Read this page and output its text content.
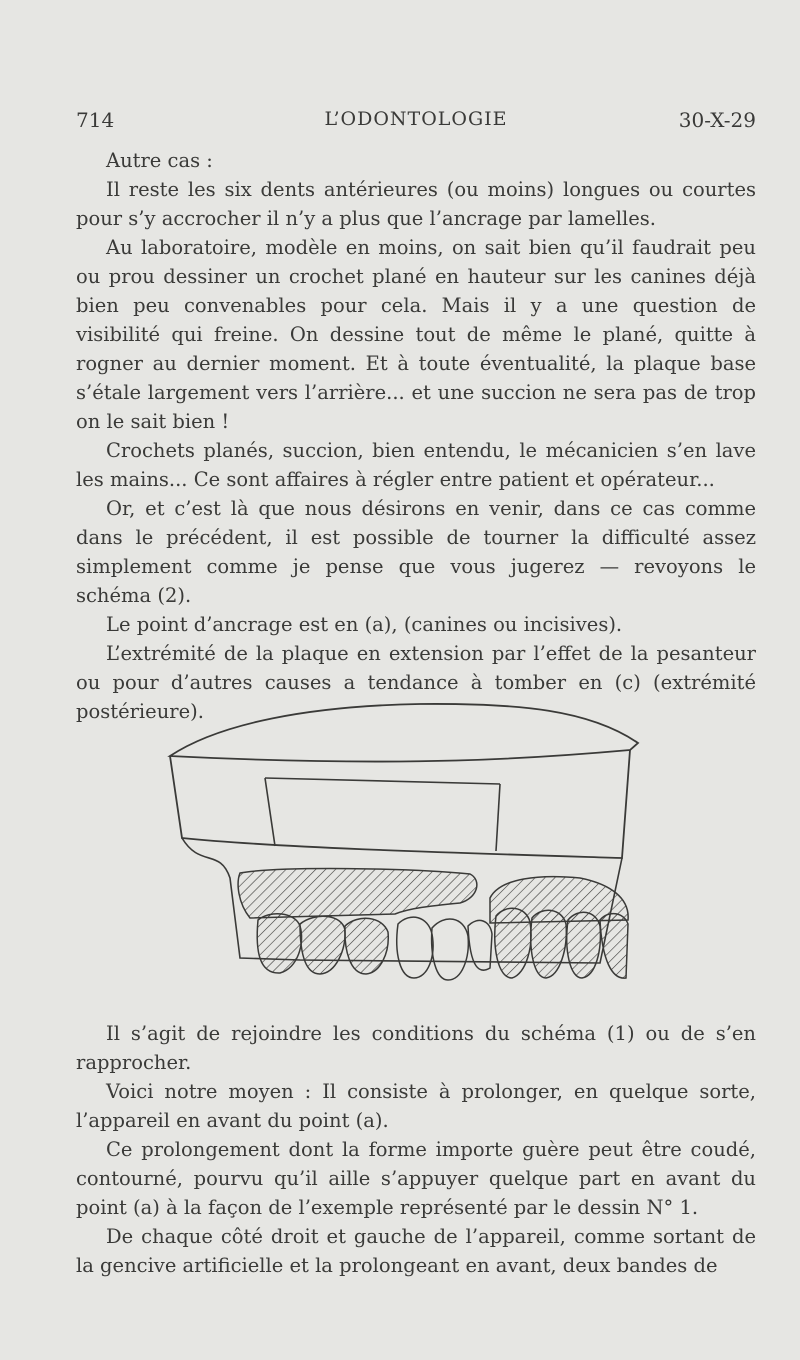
714	L’ODONTOLOGIE	30-X-29

Autre cas :

Il reste les six dents antérieures (ou moins) longues ou courtes pour s’y accrocher il n’y a plus que l’ancrage par lamelles.

Au laboratoire, modèle en moins, on sait bien qu’il faudrait peu ou prou dessiner un crochet plané en hauteur sur les canines déjà bien peu convenables pour cela. Mais il y a une question de visibilité qui freine. On dessine tout de même le plané, quitte à rogner au dernier moment. Et à toute éventualité, la plaque base s’étale largement vers l’arrière... et une succion ne sera pas de trop on le sait bien !

Crochets planés, succion, bien entendu, le mécanicien s’en lave les mains... Ce sont affaires à régler entre patient et opérateur...

Or, et c’est là que nous désirons en venir, dans ce cas comme dans le précédent, il est possible de tourner la difficulté assez simplement comme je pense que vous jugerez — revoyons le schéma (2).

Le point d’ancrage est en (a), (canines ou incisives).

L’extrémité de la plaque en extension par l’effet de la pesanteur ou pour d’autres causes a tendance à tomber en (c) (extrémité postérieure).

Il s’agit de rejoindre les conditions du schéma (1) ou de s’en rapprocher.

Voici notre moyen : Il consiste à prolonger, en quelque sorte, l’appareil en avant du point (a).

Ce prolongement dont la forme importe guère peut être coudé, contourné, pourvu qu’il aille s’appuyer quelque part en avant du point (a) à la façon de l’exemple représenté par le dessin N° 1.

De chaque côté droit et gauche de l’appareil, comme sortant de la gencive artificielle et la prolongeant en avant, deux bandes de
